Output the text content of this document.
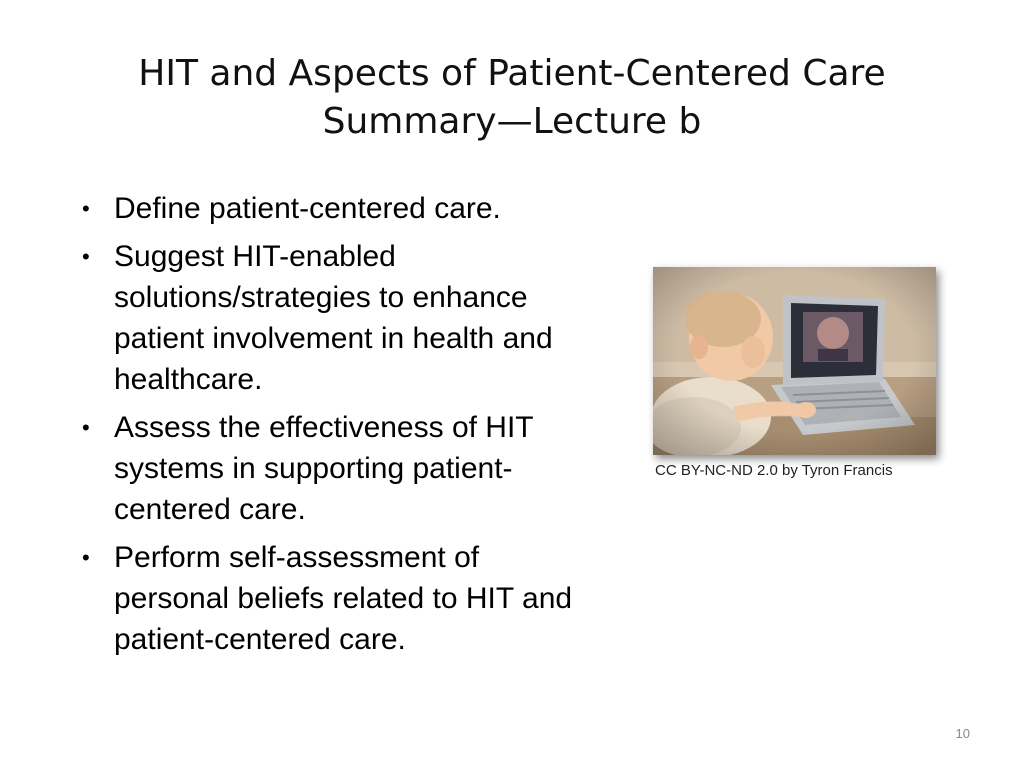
HIT and Aspects of Patient-Centered Care
Summary—Lecture b
• Define patient-centered care.
• Suggest HIT-enabled solutions/strategies to enhance patient involvement in health and healthcare.
• Assess the effectiveness of HIT systems in supporting patient-centered care.
• Perform self-assessment of personal beliefs related to HIT and patient-centered care.
CC BY-NC-ND 2.0 by Tyron Francis
10
